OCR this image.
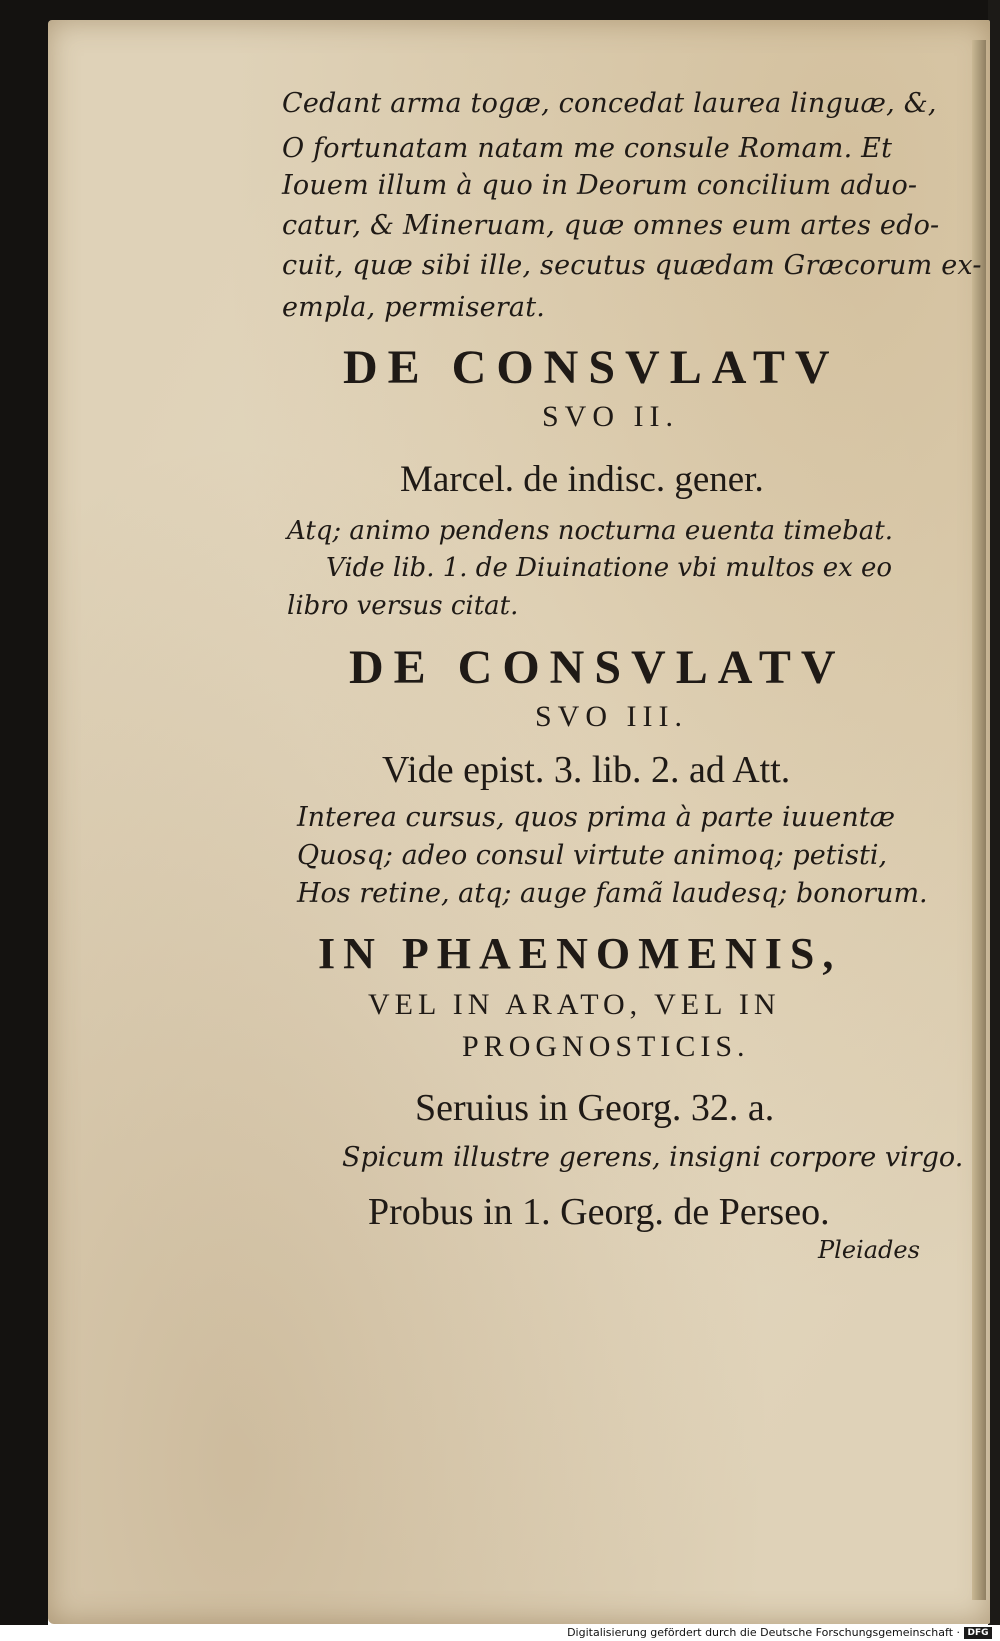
Cedant arma togæ, concedat laurea linguæ, &,
O fortunatam natam me consule Romam. Et
Iouem illum à quo in Deorum concilium aduo-
catur, & Mineruam, quæ omnes eum artes edo-
cuit, quæ sibi ille, secutus quædam Græcorum ex-
empla, permiserat.
DE CONSVLATV
SVO II.
Marcel. de indisc. gener.
Atq; animo pendens nocturna euenta timebat.
Vide lib. 1. de Diuinatione vbi multos ex eo
libro versus citat.
DE CONSVLATV
SVO III.
Vide epist. 3. lib. 2. ad Att.
Interea cursus, quos prima à parte iuuentæ
Quosq; adeo consul virtute animoq; petisti,
Hos retine, atq; auge famã laudesq; bonorum.
IN PHAENOMENIS,
VEL IN ARATO, VEL IN
PROGNOSTICIS.
Seruius in Georg. 32. a.
Spicum illustre gerens, insigni corpore virgo.
Probus in 1. Georg. de Perseo.
Pleiades
Digitalisierung gefördert durch die Deutsche Forschungsgemeinschaft · DFG
